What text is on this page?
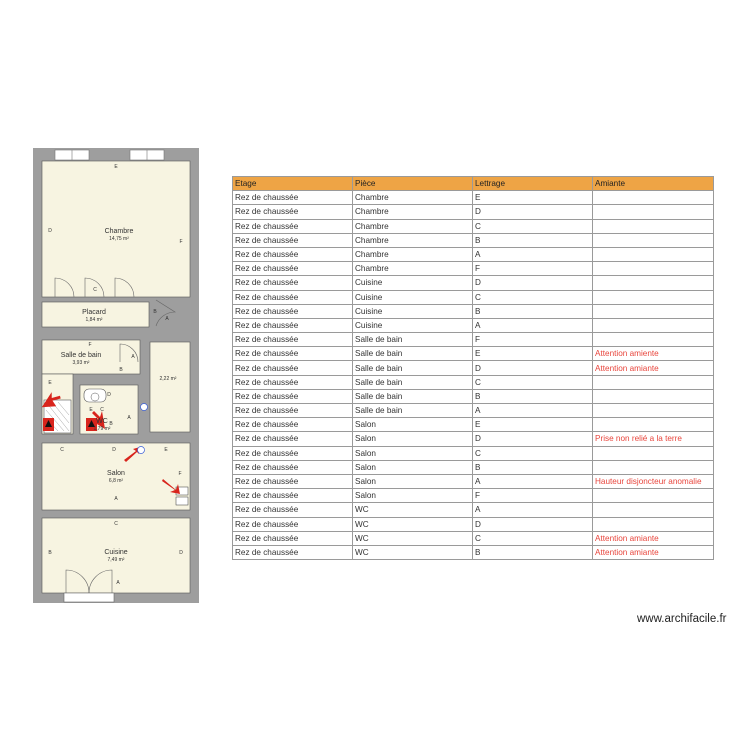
Chambre
14,75 m²
Placard
1,84 m²
Salle de bain
3,93 m²
2,22 m²
WC
1,79 m²
Salon
6,8 m²
Cuisine
7,49 m²
E
D
F
C
A
B
F
E
B
A
D
E C
B
A
C	D	E
F
A
C
B	D
A
Etage	Pièce	Lettrage	Amiante
Rez de chaussée	Chambre	E	
Rez de chaussée	Chambre	D	
Rez de chaussée	Chambre	C	
Rez de chaussée	Chambre	B	
Rez de chaussée	Chambre	A	
Rez de chaussée	Chambre	F	
Rez de chaussée	Cuisine	D	
Rez de chaussée	Cuisine	C	
Rez de chaussée	Cuisine	B	
Rez de chaussée	Cuisine	A	
Rez de chaussée	Salle de bain	F	
Rez de chaussée	Salle de bain	E	Attention amiente
Rez de chaussée	Salle de bain	D	Attention amiante
Rez de chaussée	Salle de bain	C	
Rez de chaussée	Salle de bain	B	
Rez de chaussée	Salle de bain	A	
Rez de chaussée	Salon	E	
Rez de chaussée	Salon	D	Prise non relié a la terre
Rez de chaussée	Salon	C	
Rez de chaussée	Salon	B	
Rez de chaussée	Salon	A	Hauteur disjoncteur anomalie
Rez de chaussée	Salon	F	
Rez de chaussée	WC	A	
Rez de chaussée	WC	D	
Rez de chaussée	WC	C	Attention amiante
Rez de chaussée	WC	B	Attention amiante
www.archifacile.fr
